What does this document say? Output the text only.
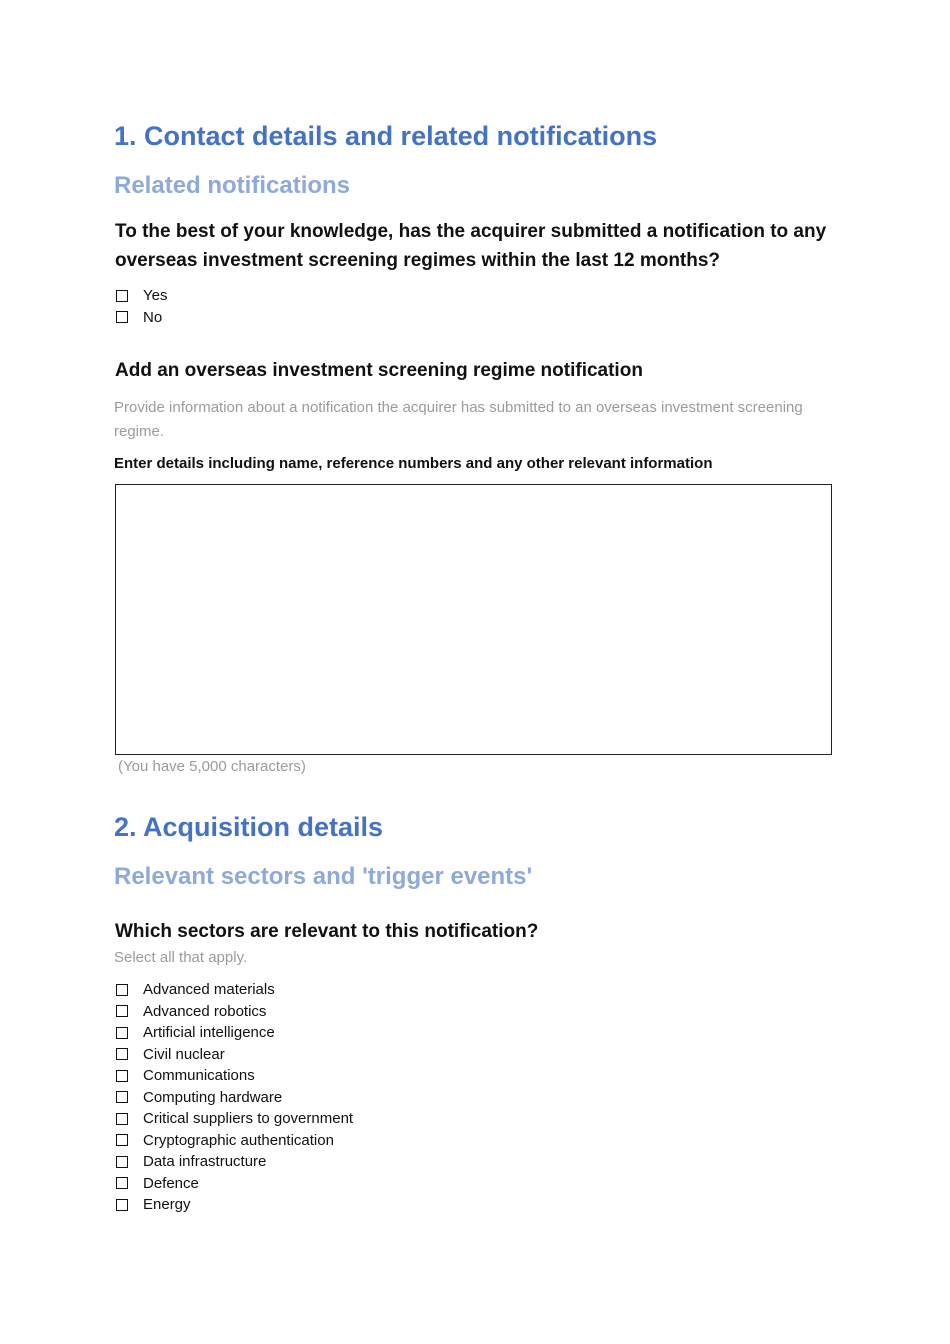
1. Contact details and related notifications
Related notifications

To the best of your knowledge, has the acquirer submitted a notification to any overseas investment screening regimes within the last 12 months?

Yes
No

Add an overseas investment screening regime notification

Provide information about a notification the acquirer has submitted to an overseas investment screening regime.

Enter details including name, reference numbers and any other relevant information

(You have 5,000 characters)

2. Acquisition details
Relevant sectors and 'trigger events'

Which sectors are relevant to this notification?

Select all that apply.

Advanced materials
Advanced robotics
Artificial intelligence
Civil nuclear
Communications
Computing hardware
Critical suppliers to government
Cryptographic authentication
Data infrastructure
Defence
Energy
